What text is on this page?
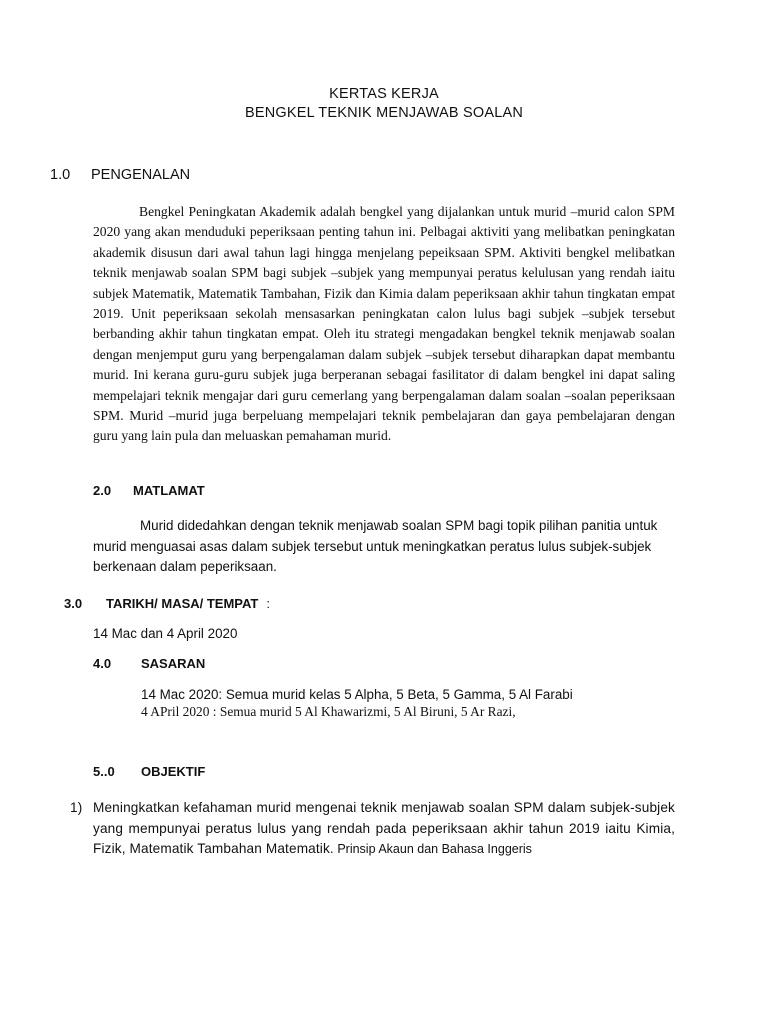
KERTAS KERJA
BENGKEL TEKNIK MENJAWAB SOALAN
1.0 PENGENALAN
Bengkel Peningkatan Akademik adalah bengkel yang dijalankan untuk murid –murid calon SPM 2020 yang akan menduduki peperiksaan penting tahun ini. Pelbagai aktiviti yang melibatkan peningkatan akademik disusun dari awal tahun lagi hingga menjelang pepeiksaan SPM. Aktiviti bengkel melibatkan teknik menjawab soalan SPM bagi subjek –subjek yang mempunyai peratus kelulusan yang rendah iaitu subjek Matematik, Matematik Tambahan, Fizik dan Kimia dalam peperiksaan akhir tahun tingkatan empat 2019. Unit peperiksaan sekolah mensasarkan peningkatan calon lulus bagi subjek –subjek tersebut berbanding akhir tahun tingkatan empat. Oleh itu strategi mengadakan bengkel teknik menjawab soalan dengan menjemput guru yang berpengalaman dalam subjek –subjek tersebut diharapkan dapat membantu murid. Ini kerana guru-guru subjek juga berperanan sebagai fasilitator di dalam bengkel ini dapat saling mempelajari teknik mengajar dari guru cemerlang yang berpengalaman dalam soalan –soalan peperiksaan SPM. Murid –murid juga berpeluang mempelajari teknik pembelajaran dan gaya pembelajaran dengan guru yang lain pula dan meluaskan pemahaman murid.
2.0 MATLAMAT
Murid didedahkan dengan teknik menjawab soalan SPM bagi topik pilihan panitia untuk murid menguasai asas dalam subjek tersebut untuk meningkatkan peratus lulus subjek-subjek berkenaan dalam peperiksaan.
3.0 TARIKH/ MASA/ TEMPAT :
14 Mac dan 4 April 2020
4.0 SASARAN
14 Mac 2020: Semua murid kelas 5 Alpha, 5 Beta, 5 Gamma, 5 Al Farabi
4 APril 2020 : Semua murid 5 Al Khawarizmi, 5 Al Biruni, 5 Ar Razi,
5..0 OBJEKTIF
1) Meningkatkan kefahaman murid mengenai teknik menjawab soalan SPM dalam subjek-subjek yang mempunyai peratus lulus yang rendah pada peperiksaan akhir tahun 2019 iaitu Kimia, Fizik, Matematik Tambahan Matematik. Prinsip Akaun dan Bahasa Inggeris
